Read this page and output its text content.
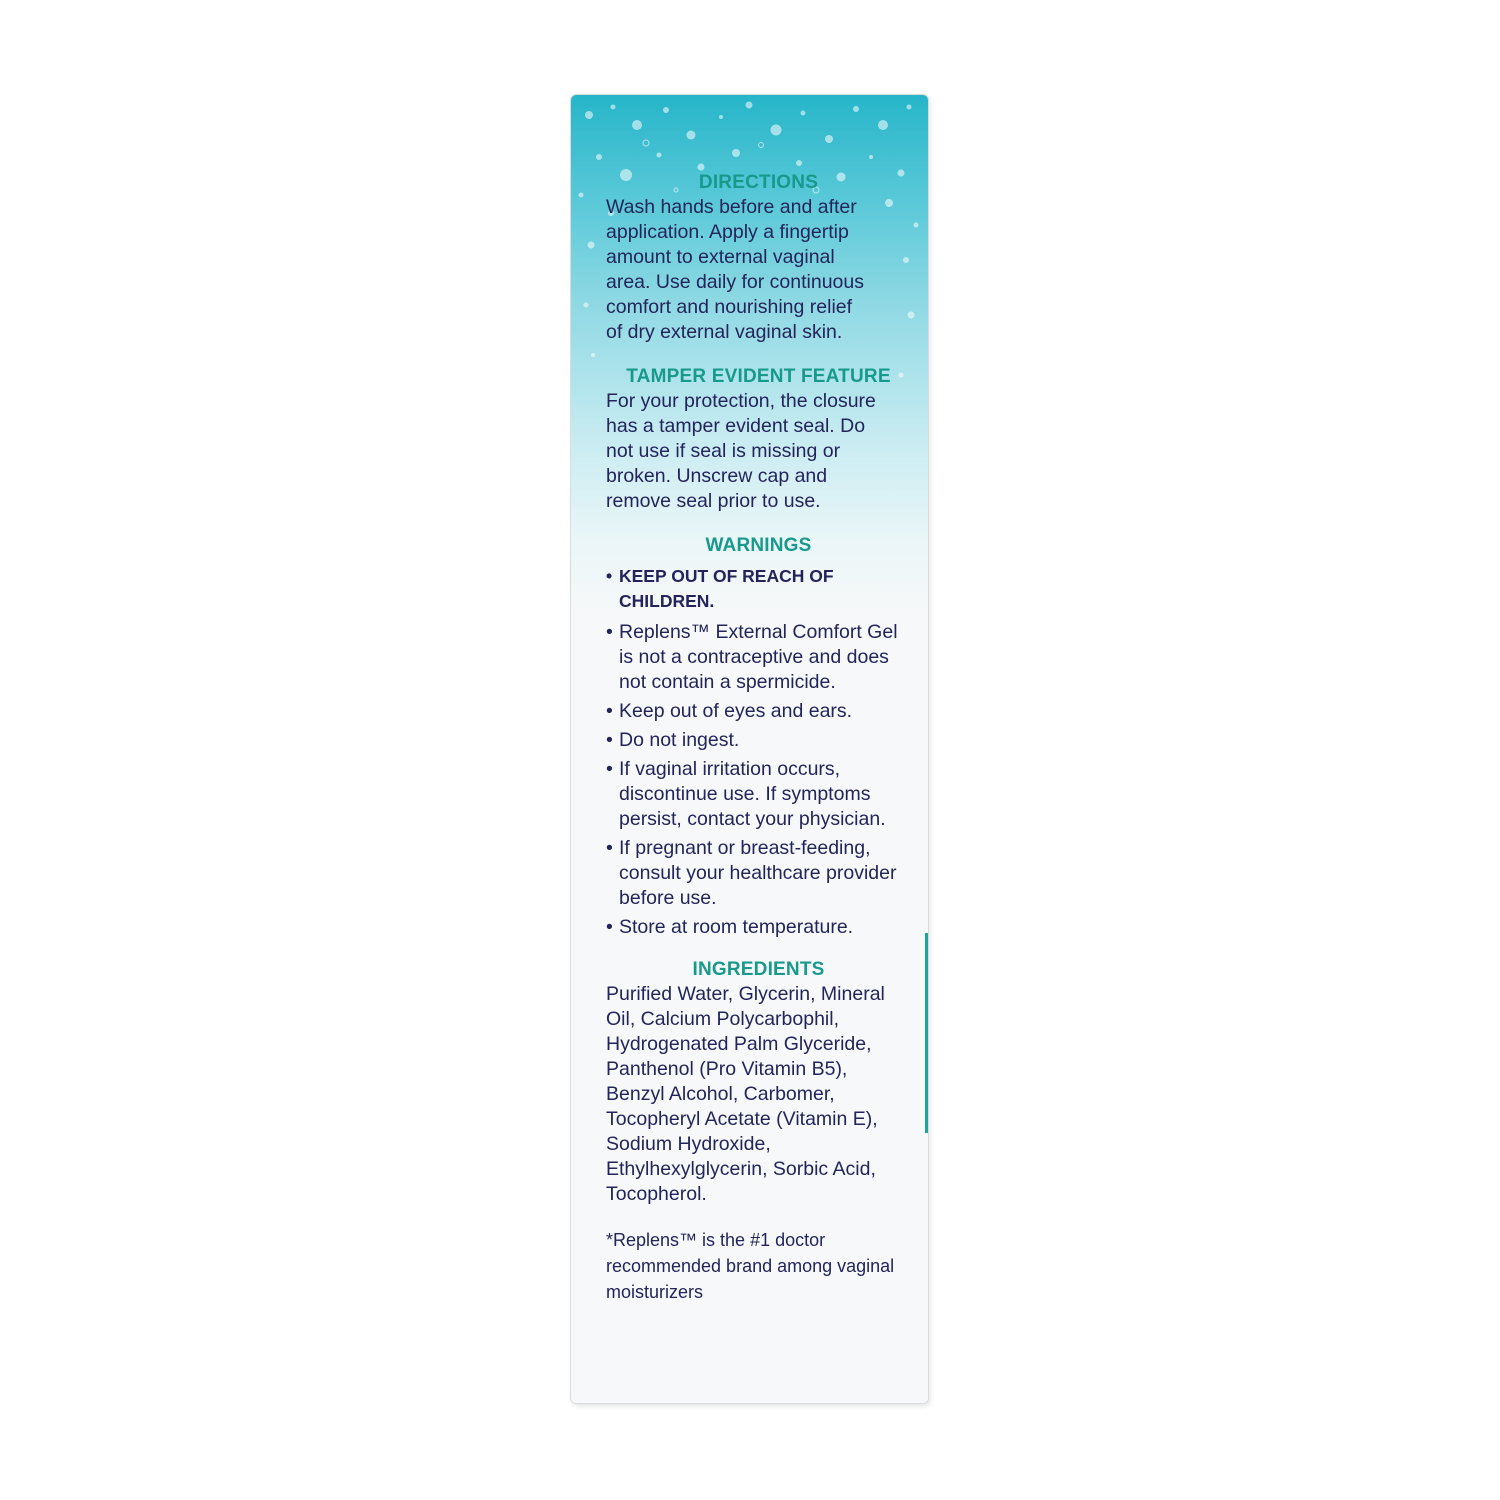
DIRECTIONS

Wash hands before and after
application. Apply a fingertip
amount to external vaginal
area. Use daily for continuous
comfort and nourishing relief
of dry external vaginal skin.

TAMPER EVIDENT FEATURE

For your protection, the closure
has a tamper evident seal. Do
not use if seal is missing or
broken. Unscrew cap and
remove seal prior to use.

WARNINGS
• KEEP OUT OF REACH OF CHILDREN.
• Replens™ External Comfort Gel is not a contraceptive and does not contain a spermicide.
• Keep out of eyes and ears.
• Do not ingest.
• If vaginal irritation occurs, discontinue use. If symptoms persist, contact your physician.
• If pregnant or breast-feeding, consult your healthcare provider before use.
• Store at room temperature.
INGREDIENTS

Purified Water, Glycerin, Mineral Oil, Calcium Polycarbophil, Hydrogenated Palm Glyceride, Panthenol (Pro Vitamin B5), Benzyl Alcohol, Carbomer, Tocopheryl Acetate (Vitamin E), Sodium Hydroxide, Ethylhexylglycerin, Sorbic Acid, Tocopherol.

*Replens™ is the #1 doctor recommended brand among vaginal moisturizers
